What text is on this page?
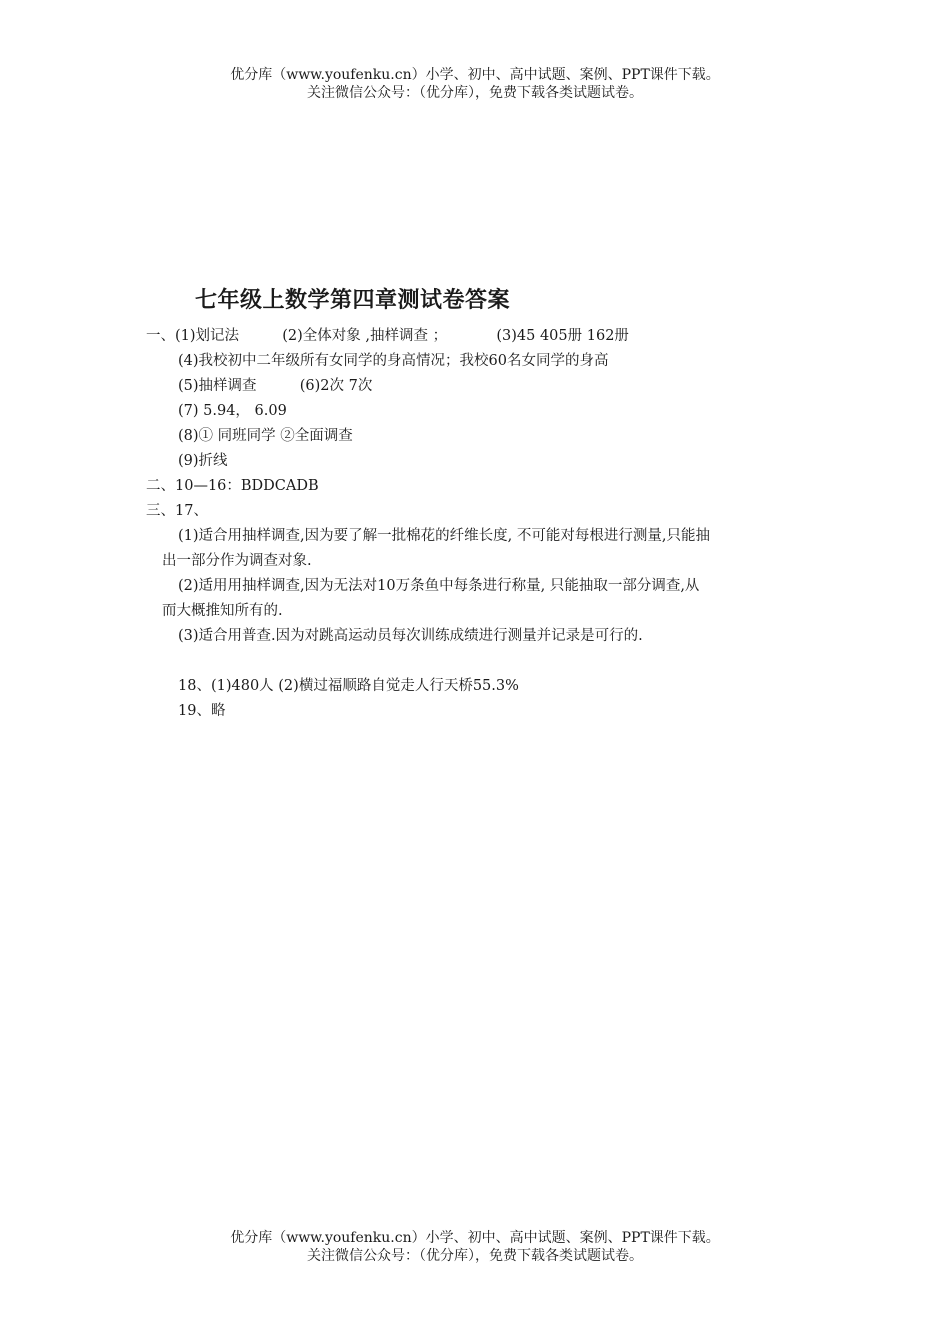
优分库（www.youfenku.cn）小学、初中、高中试题、案例、PPT课件下载。
关注微信公众号：（优分库），免费下载各类试题试卷。
七年级上数学第四章测试卷答案
一、(1)划记法	(2)全体对象 ,抽样调查 ；	(3)45 405册 162册
(4)我校初中二年级所有女同学的身高情况；我校60名女同学的身高
(5)抽样调查	(6)2次 7次
(7) 5.94， 6.09
(8)① 同班同学 ②全面调查
(9)折线
二、10—16：BDDCADB
三、17、
(1)适合用抽样调查,因为要了解一批棉花的纤维长度, 不可能对每根进行测量,只能抽
出一部分作为调查对象.
(2)适用用抽样调查,因为无法对10万条鱼中每条进行称量, 只能抽取一部分调查,从
而大概推知所有的.
(3)适合用普查.因为对跳高运动员每次训练成绩进行测量并记录是可行的.
18、(1)480人 (2)横过福顺路自觉走人行天桥55.3%
19、略
优分库（www.youfenku.cn）小学、初中、高中试题、案例、PPT课件下载。
关注微信公众号：（优分库），免费下载各类试题试卷。
